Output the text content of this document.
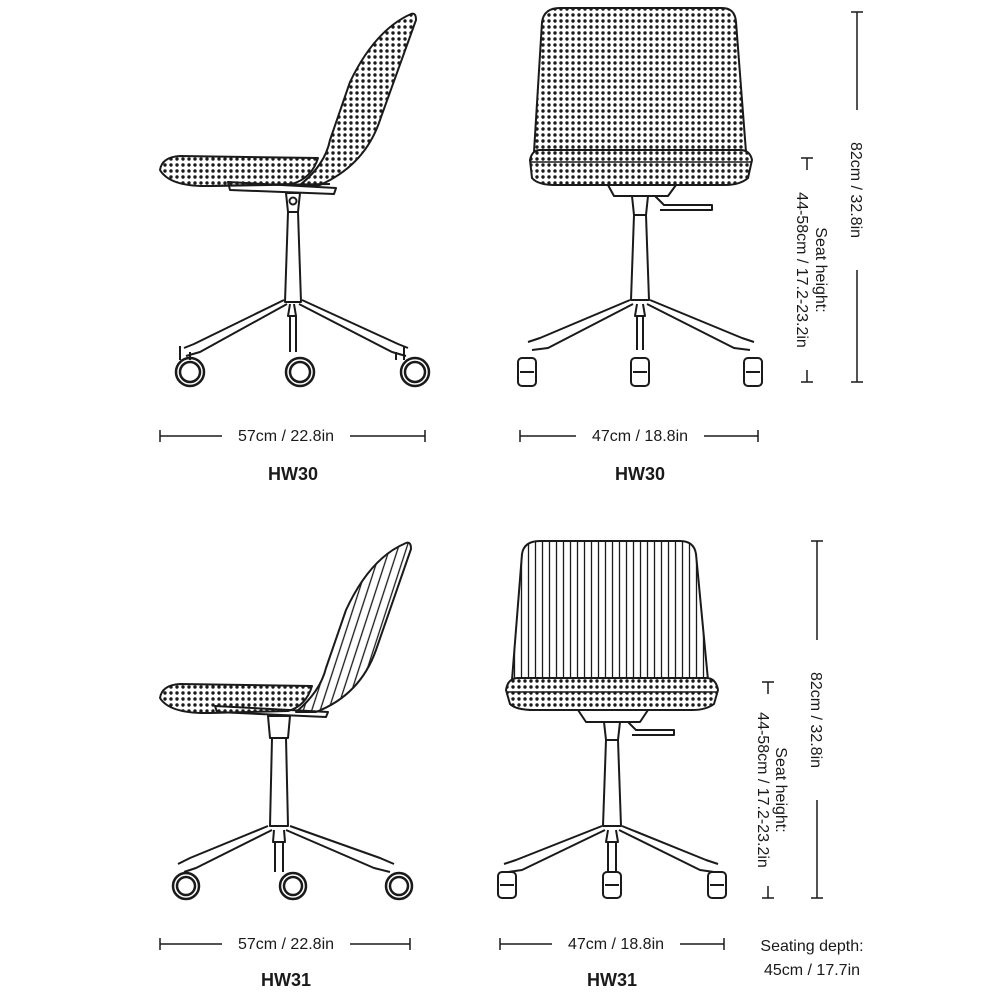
57cm / 22.8in	47cm / 18.8in
HW30	HW30
82cm / 32.8in
Seat height:
44-58cm / 17.2-23.2in
57cm / 22.8in	47cm / 18.8in
HW31	HW31
82cm / 32.8in
Seat height:
44-58cm / 17.2-23.2in
Seating depth:
45cm / 17.7in
